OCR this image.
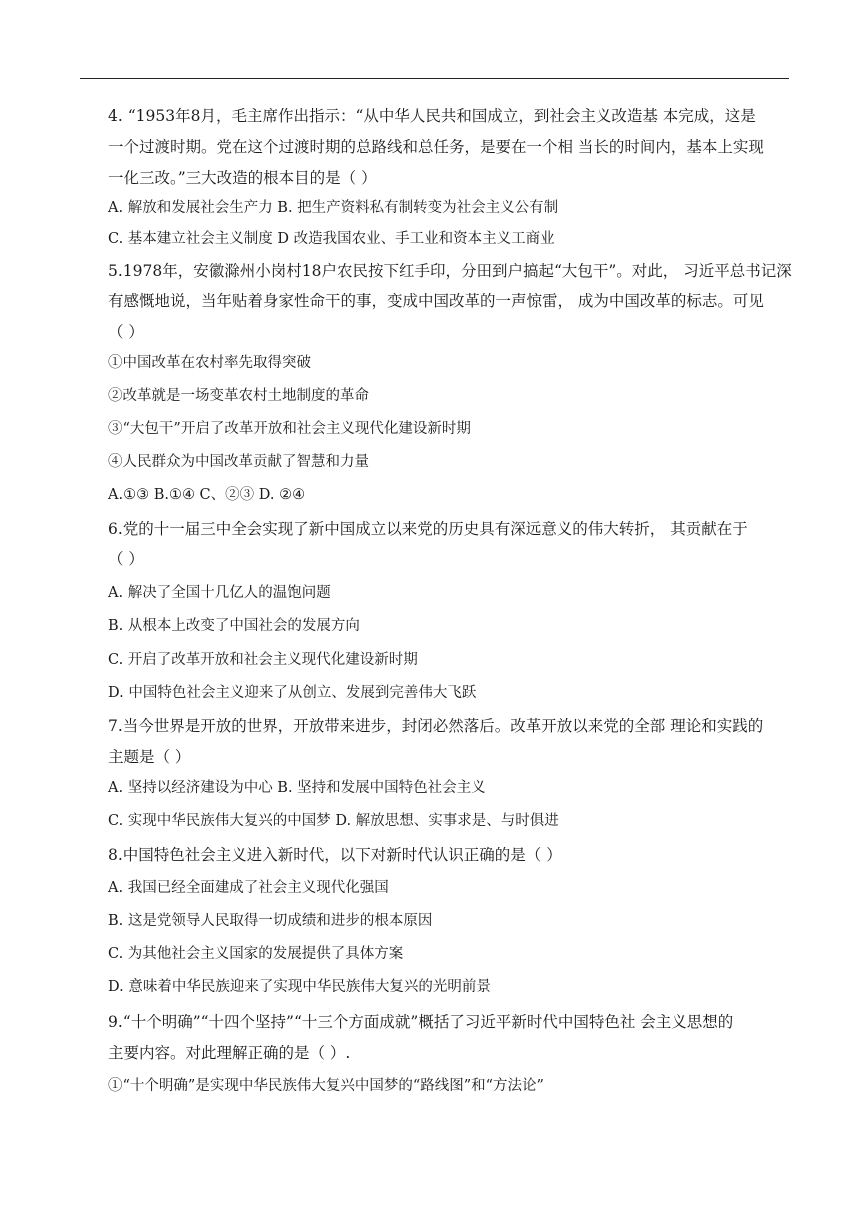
4. “1953年8月，毛主席作出指示：“从中华人民共和国成立，到社会主义改造基 本完成，这是
一个过渡时期。党在这个过渡时期的总路线和总任务，是要在一个相 当长的时间内，基本上实现
一化三改。”三大改造的根本目的是（ ）
A. 解放和发展社会生产力 B. 把生产资料私有制转变为社会主义公有制
C. 基本建立社会主义制度 D 改造我国农业、手工业和资本主义工商业
5.1978年，安徽滁州小岗村18户农民按下红手印，分田到户搞起“大包干”。对此， 习近平总书记深
有感慨地说，当年贴着身家性命干的事，变成中国改革的一声惊雷， 成为中国改革的标志。可见
（ ）
①中国改革在农村率先取得突破
②改革就是一场变革农村土地制度的革命
③“大包干”开启了改革开放和社会主义现代化建设新时期
④人民群众为中国改革贡献了智慧和力量
A.①③ B.①④ C、②③ D. ②④
6.党的十一届三中全会实现了新中国成立以来党的历史具有深远意义的伟大转折， 其贡献在于
（ ）
A. 解决了全国十几亿人的温饱问题
B. 从根本上改变了中国社会的发展方向
C. 开启了改革开放和社会主义现代化建设新时期
D. 中国特色社会主义迎来了从创立、发展到完善伟大飞跃
7.当今世界是开放的世界，开放带来进步，封闭必然落后。改革开放以来党的全部 理论和实践的
主题是（ ）
A. 坚持以经济建设为中心 B. 坚持和发展中国特色社会主义
C. 实现中华民族伟大复兴的中国梦 D. 解放思想、实事求是、与时俱进
8.中国特色社会主义进入新时代，以下对新时代认识正确的是（ ）
A. 我国已经全面建成了社会主义现代化强国
B. 这是党领导人民取得一切成绩和进步的根本原因
C. 为其他社会主义国家的发展提供了具体方案
D. 意味着中华民族迎来了实现中华民族伟大复兴的光明前景
9.“十个明确”“十四个坚持”“十三个方面成就”概括了习近平新时代中国特色社 会主义思想的
主要内容。对此理解正确的是（ ）.
①“十个明确”是实现中华民族伟大复兴中国梦的“路线图”和“方法论”
